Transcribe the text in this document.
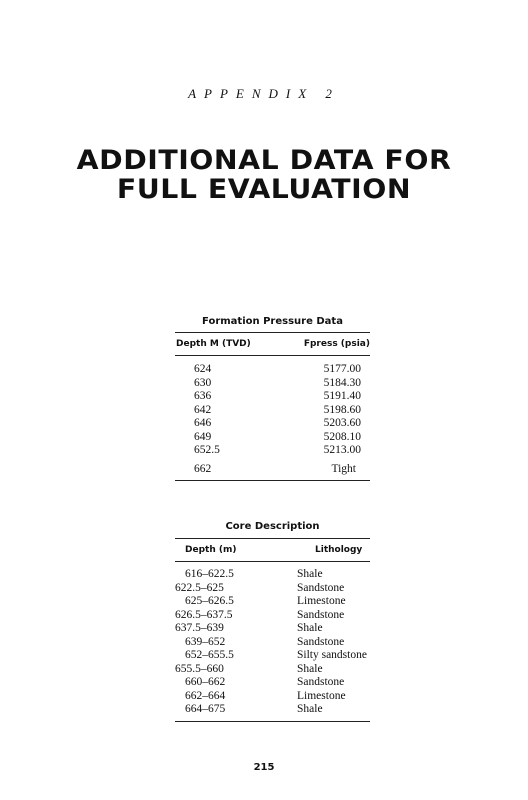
APPENDIX 2
ADDITIONAL DATA FOR
FULL EVALUATION
Formation Pressure Data
Depth M (TVD)	Fpress (psia)
624	5177.00
630	5184.30
636	5191.40
642	5198.60
646	5203.60
649	5208.10
652.5	5213.00
662	Tight
Core Description
Depth (m)	Lithology
616–622.5	Shale
622.5–625	Sandstone
625–626.5	Limestone
626.5–637.5	Sandstone
637.5–639	Shale
639–652	Sandstone
652–655.5	Silty sandstone
655.5–660	Shale
660–662	Sandstone
662–664	Limestone
664–675	Shale
215
